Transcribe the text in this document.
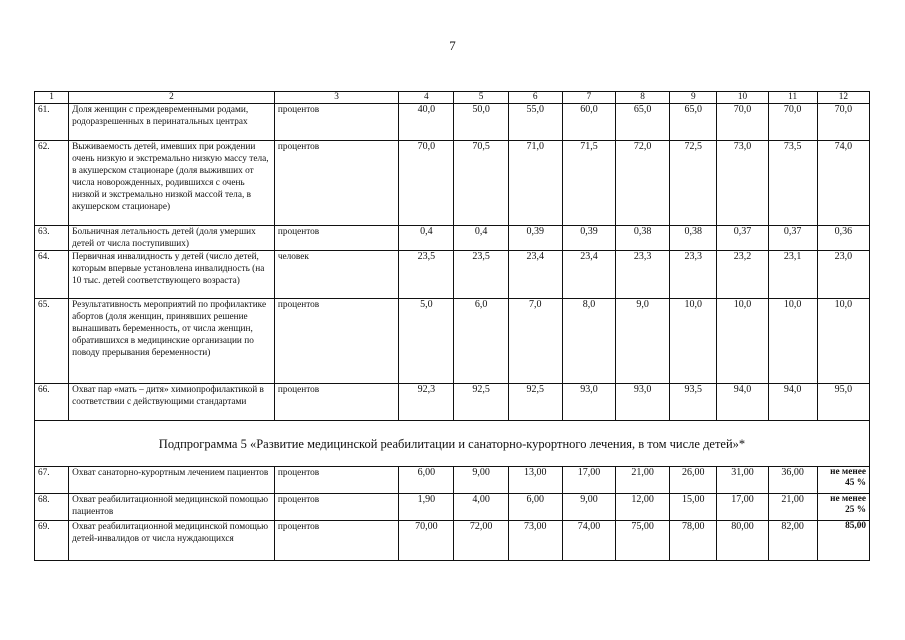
7
1	2	3	4	5	6	7	8	9	10	11	12
61.	Доля женщин с преждевременными родами, родоразрешенных в перинатальных центрах	процентов	40,0	50,0	55,0	60,0	65,0	65,0	70,0	70,0	70,0
62.	Выживаемость детей, имевших при рождении очень низкую и экстремально низкую массу тела, в акушерском стационаре (доля выживших от числа новорожденных, родившихся с очень низкой и экстремально низкой массой тела, в акушерском стационаре)	процентов	70,0	70,5	71,0	71,5	72,0	72,5	73,0	73,5	74,0
63.	Больничная летальность детей (доля умерших детей от числа поступивших)	процентов	0,4	0,4	0,39	0,39	0,38	0,38	0,37	0,37	0,36
64.	Первичная инвалидность у детей (число детей, которым впервые установлена инвалидность (на 10 тыс. детей соответствующего возраста)	человек	23,5	23,5	23,4	23,4	23,3	23,3	23,2	23,1	23,0
65.	Результативность мероприятий по профилактике абортов (доля женщин, принявших решение вынашивать беременность, от числа женщин, обратившихся в медицинские организации по поводу прерывания беременности)	процентов	5,0	6,0	7,0	8,0	9,0	10,0	10,0	10,0	10,0
66.	Охват пар «мать – дитя» химиопрофилактикой в соответствии с действующими стандартами	процентов	92,3	92,5	92,5	93,0	93,0	93,5	94,0	94,0	95,0
Подпрограмма 5 «Развитие медицинской реабилитации и санаторно-курортного лечения, в том числе детей»*											
67.	Охват санаторно-курортным лечением пациентов	процентов	6,00	9,00	13,00	17,00	21,00	26,00	31,00	36,00	не менее 45 %
68.	Охват реабилитационной медицинской помощью пациентов	процентов	1,90	4,00	6,00	9,00	12,00	15,00	17,00	21,00	не менее 25 %
69.	Охват реабилитационной медицинской помощью детей-инвалидов от числа нуждающихся	процентов	70,00	72,00	73,00	74,00	75,00	78,00	80,00	82,00	85,00
